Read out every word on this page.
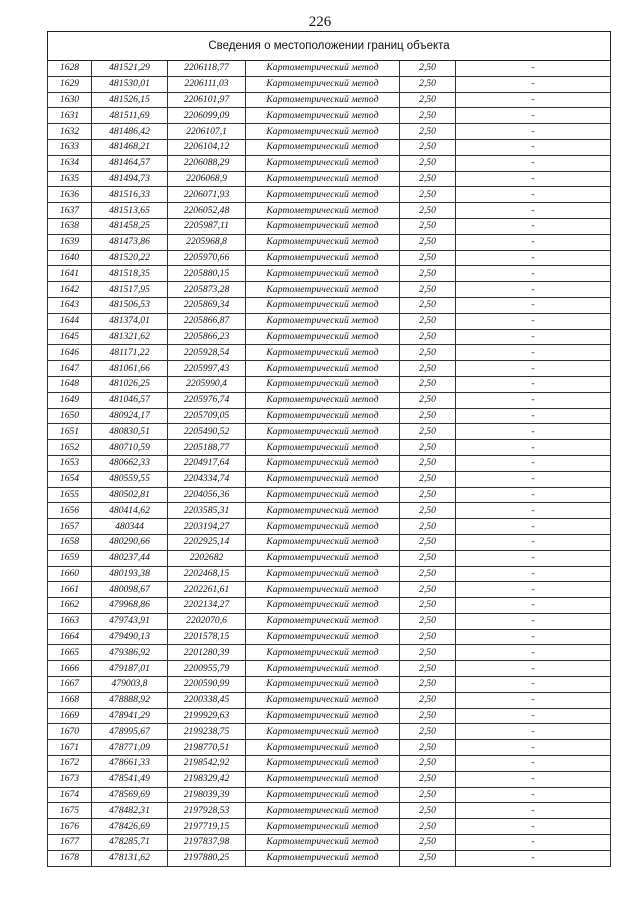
226
Сведения о местоположении границ объекта					
1628	481521,29	2206118,77	Картометрический метод	2,50	-
1629	481530,01	2206111,03	Картометрический метод	2,50	-
1630	481526,15	2206101,97	Картометрический метод	2,50	-
1631	481511,69	2206099,09	Картометрический метод	2,50	-
1632	481486,42	2206107,1	Картометрический метод	2,50	-
1633	481468,21	2206104,12	Картометрический метод	2,50	-
1634	481464,57	2206088,29	Картометрический метод	2,50	-
1635	481494,73	2206068,9	Картометрический метод	2,50	-
1636	481516,33	2206071,93	Картометрический метод	2,50	-
1637	481513,65	2206052,48	Картометрический метод	2,50	-
1638	481458,25	2205987,11	Картометрический метод	2,50	-
1639	481473,86	2205968,8	Картометрический метод	2,50	-
1640	481520,22	2205970,66	Картометрический метод	2,50	-
1641	481518,35	2205880,15	Картометрический метод	2,50	-
1642	481517,95	2205873,28	Картометрический метод	2,50	-
1643	481506,53	2205869,34	Картометрический метод	2,50	-
1644	481374,01	2205866,87	Картометрический метод	2,50	-
1645	481321,62	2205866,23	Картометрический метод	2,50	-
1646	481171,22	2205928,54	Картометрический метод	2,50	-
1647	481061,66	2205997,43	Картометрический метод	2,50	-
1648	481026,25	2205990,4	Картометрический метод	2,50	-
1649	481046,57	2205976,74	Картометрический метод	2,50	-
1650	480924,17	2205709,05	Картометрический метод	2,50	-
1651	480830,51	2205490,52	Картометрический метод	2,50	-
1652	480710,59	2205188,77	Картометрический метод	2,50	-
1653	480662,33	2204917,64	Картометрический метод	2,50	-
1654	480559,55	2204334,74	Картометрический метод	2,50	-
1655	480502,81	2204056,36	Картометрический метод	2,50	-
1656	480414,62	2203585,31	Картометрический метод	2,50	-
1657	480344	2203194,27	Картометрический метод	2,50	-
1658	480290,66	2202925,14	Картометрический метод	2,50	-
1659	480237,44	2202682	Картометрический метод	2,50	-
1660	480193,38	2202468,15	Картометрический метод	2,50	-
1661	480098,67	2202261,61	Картометрический метод	2,50	-
1662	479968,86	2202134,27	Картометрический метод	2,50	-
1663	479743,91	2202070,6	Картометрический метод	2,50	-
1664	479490,13	2201578,15	Картометрический метод	2,50	-
1665	479386,92	2201280,39	Картометрический метод	2,50	-
1666	479187,01	2200955,79	Картометрический метод	2,50	-
1667	479003,8	2200590,99	Картометрический метод	2,50	-
1668	478888,92	2200338,45	Картометрический метод	2,50	-
1669	478941,29	2199929,63	Картометрический метод	2,50	-
1670	478995,67	2199238,75	Картометрический метод	2,50	-
1671	478771,09	2198770,51	Картометрический метод	2,50	-
1672	478661,33	2198542,92	Картометрический метод	2,50	-
1673	478541,49	2198329,42	Картометрический метод	2,50	-
1674	478569,69	2198039,39	Картометрический метод	2,50	-
1675	478482,31	2197928,53	Картометрический метод	2,50	-
1676	478426,69	2197719,15	Картометрический метод	2,50	-
1677	478285,71	2197837,98	Картометрический метод	2,50	-
1678	478131,62	2197880,25	Картометрический метод	2,50	-
